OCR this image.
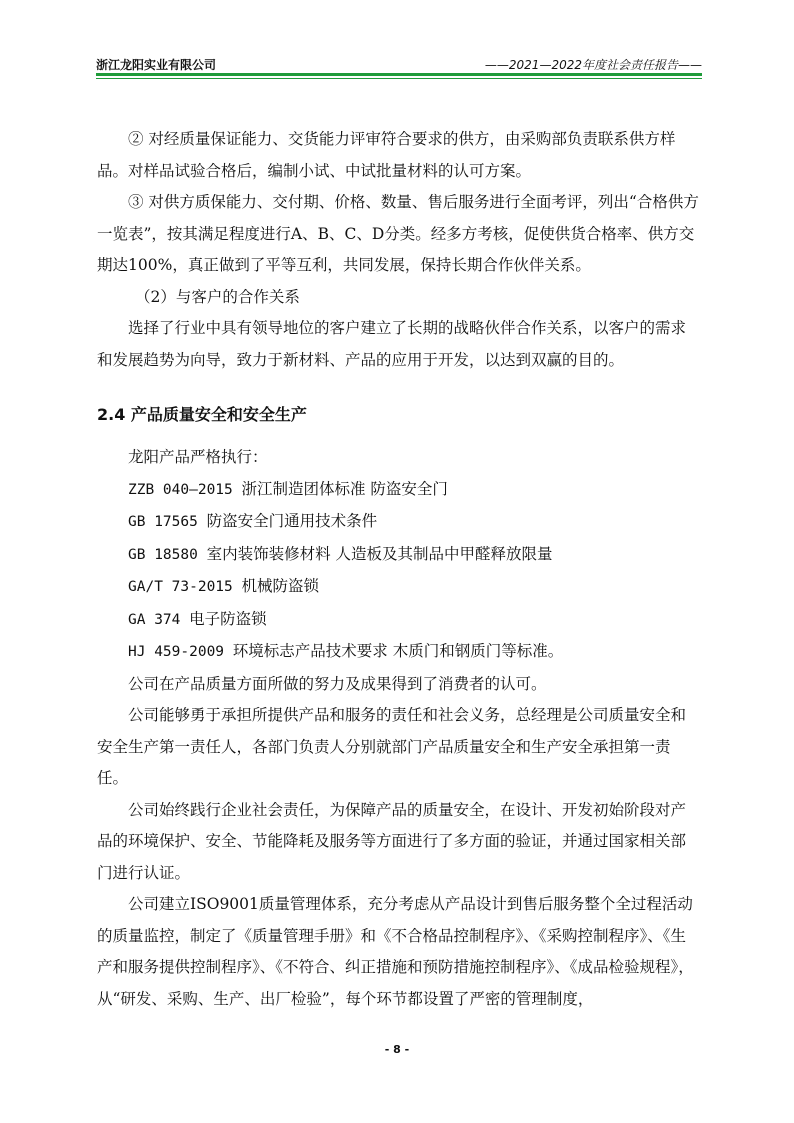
浙江龙阳实业有限公司	——2021—2022年度社会责任报告——

② 对经质量保证能力、交货能力评审符合要求的供方，由采购部负责联系供方样品。对样品试验合格后，编制小试、中试批量材料的认可方案。

③ 对供方质保能力、交付期、价格、数量、售后服务进行全面考评，列出“合格供方一览表”，按其满足程度进行A、B、C、D分类。经多方考核，促使供货合格率、供方交期达100%，真正做到了平等互利，共同发展，保持长期合作伙伴关系。

（2）与客户的合作关系

选择了行业中具有领导地位的客户建立了长期的战略伙伴合作关系，以客户的需求和发展趋势为向导，致力于新材料、产品的应用于开发，以达到双赢的目的。

2.4 产品质量安全和安全生产

龙阳产品严格执行：

ZZB 040—2015 浙江制造团体标准 防盗安全门

GB 17565 防盗安全门通用技术条件

GB 18580 室内装饰装修材料 人造板及其制品中甲醛释放限量

GA/T 73-2015 机械防盗锁

GA 374 电子防盗锁

HJ 459-2009 环境标志产品技术要求 木质门和钢质门等标准。

公司在产品质量方面所做的努力及成果得到了消费者的认可。

公司能够勇于承担所提供产品和服务的责任和社会义务，总经理是公司质量安全和安全生产第一责任人，各部门负责人分别就部门产品质量安全和生产安全承担第一责任。

公司始终践行企业社会责任，为保障产品的质量安全，在设计、开发初始阶段对产品的环境保护、安全、节能降耗及服务等方面进行了多方面的验证，并通过国家相关部门进行认证。

公司建立ISO9001质量管理体系，充分考虑从产品设计到售后服务整个全过程活动的质量监控，制定了《质量管理手册》和《不合格品控制程序》、《采购控制程序》、《生产和服务提供控制程序》、《不符合、纠正措施和预防措施控制程序》、《成品检验规程》，从“研发、采购、生产、出厂检验”，每个环节都设置了严密的管理制度，

- 8 -
